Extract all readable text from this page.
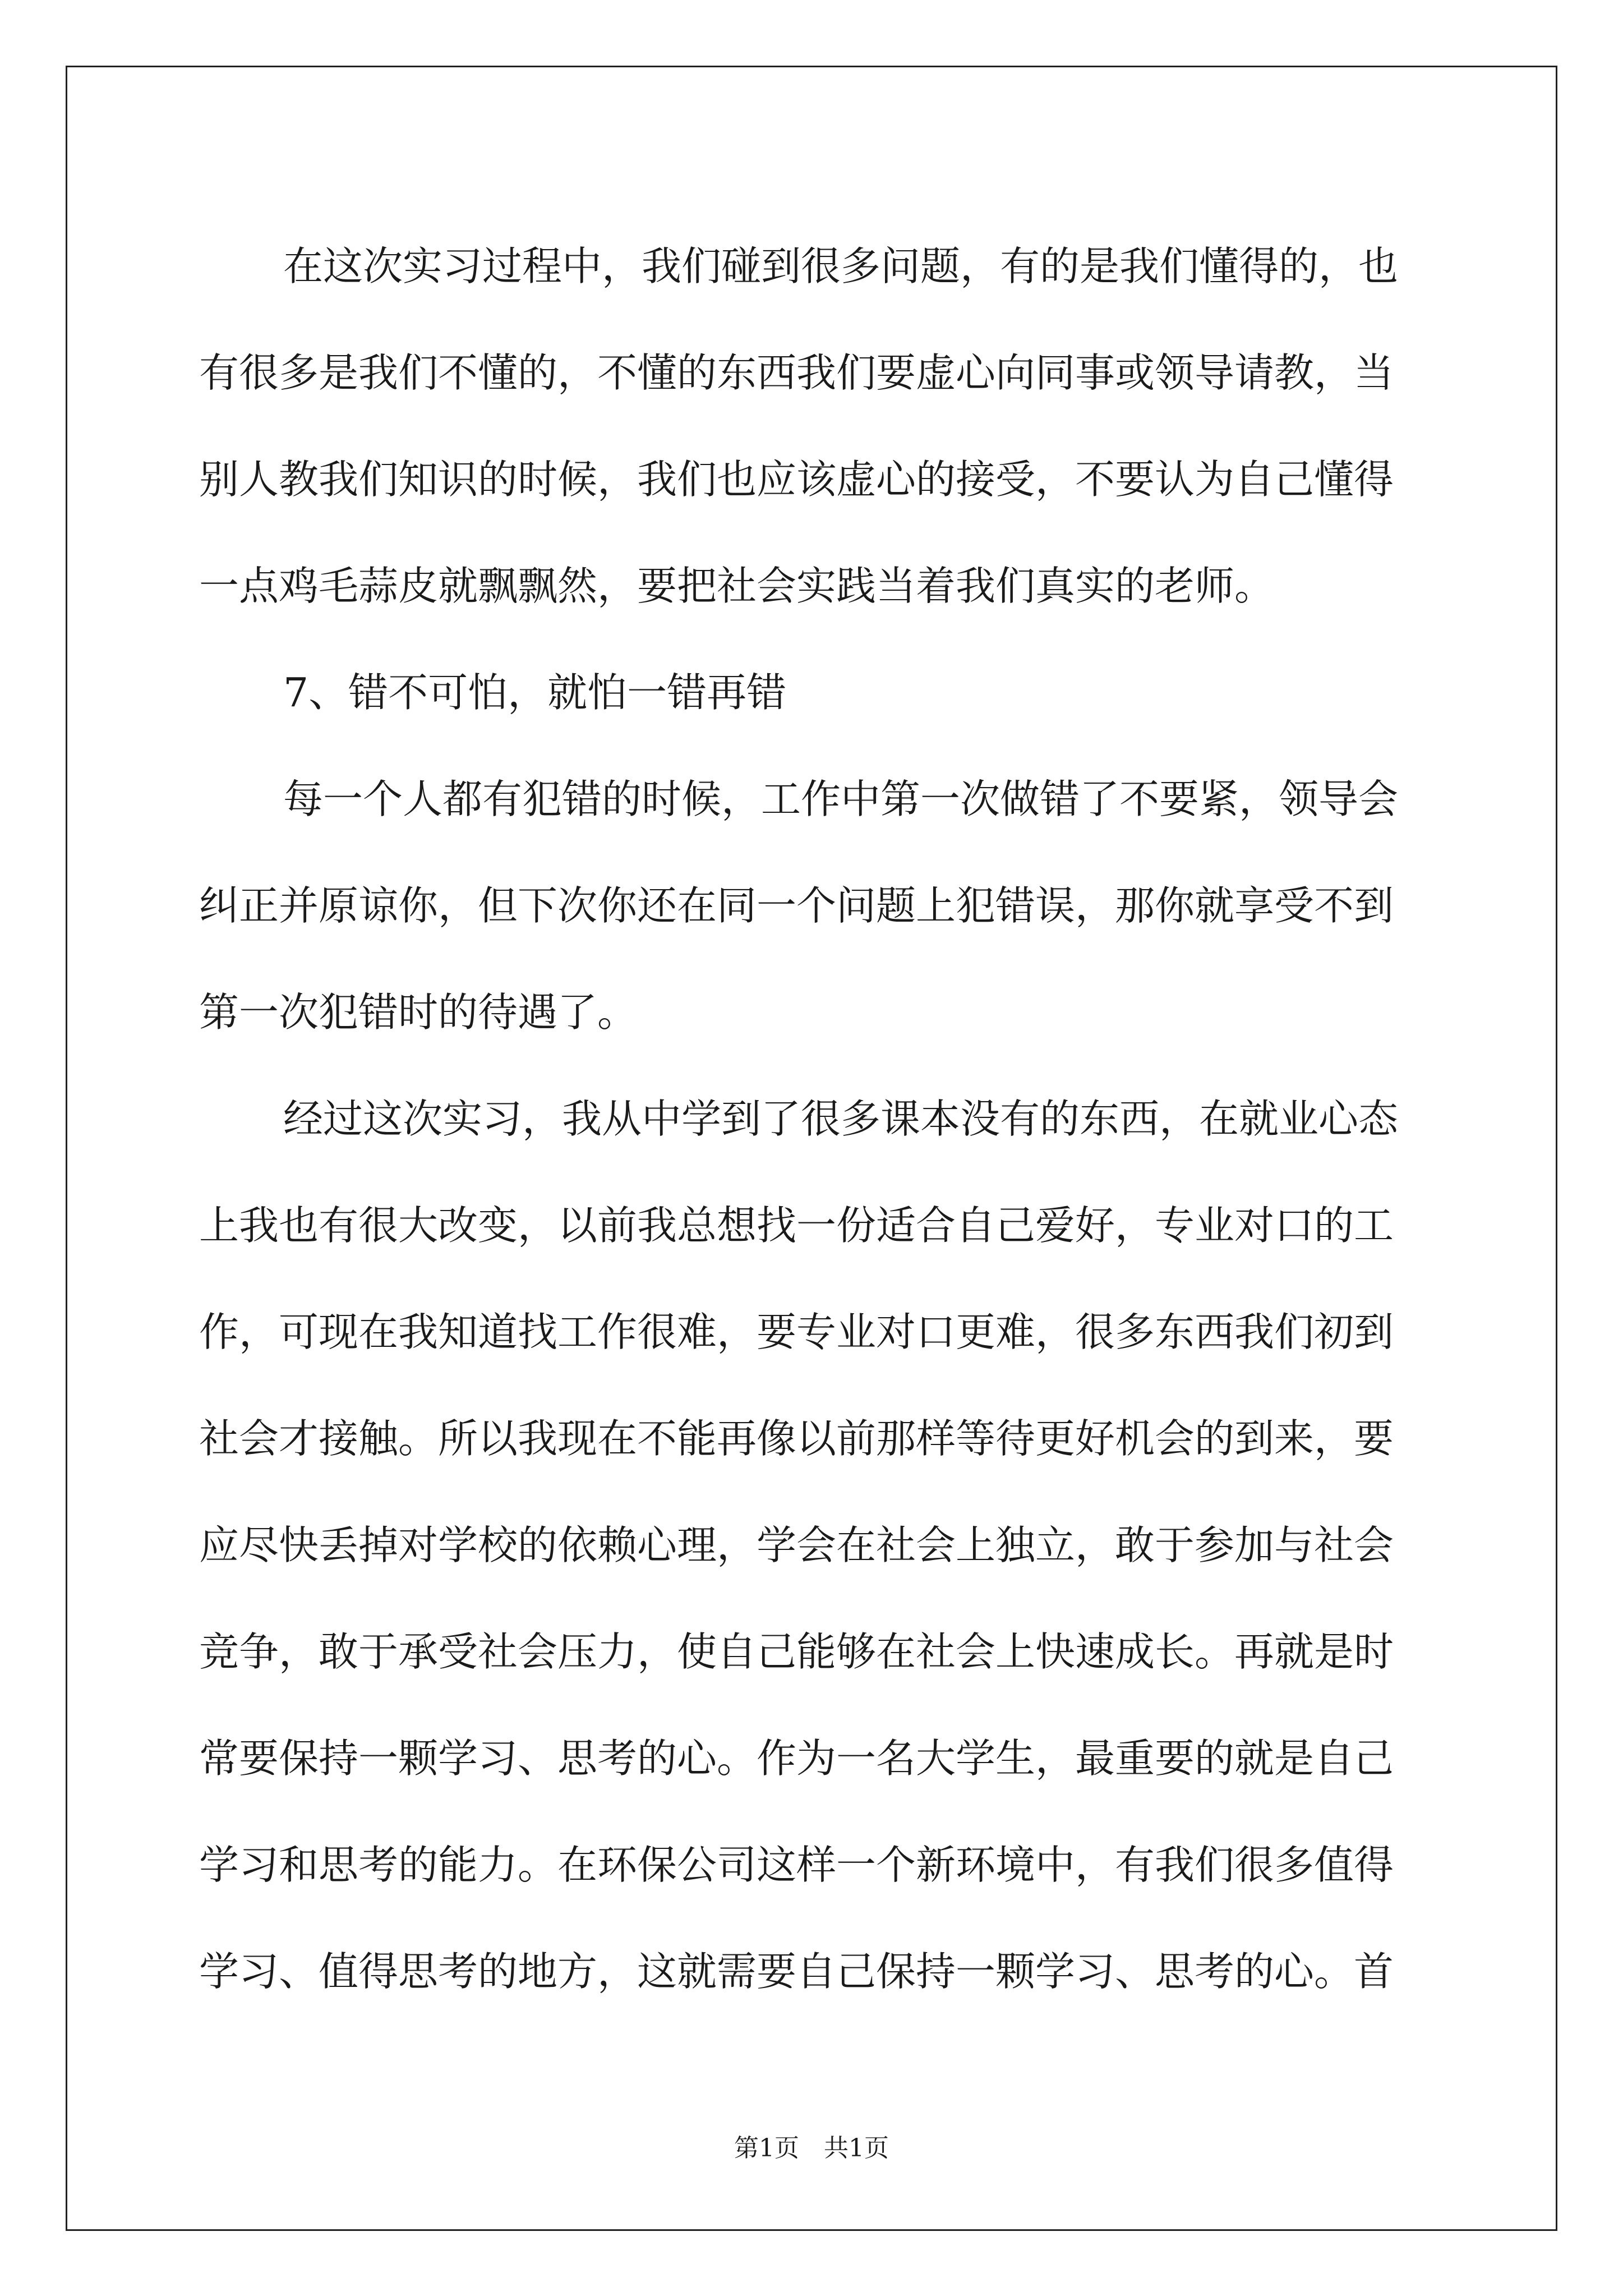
在这次实习过程中，我们碰到很多问题，有的是我们懂得的，也
有很多是我们不懂的，不懂的东西我们要虚心向同事或领导请教，当
别人教我们知识的时候，我们也应该虚心的接受，不要认为自己懂得
一点鸡毛蒜皮就飘飘然，要把社会实践当着我们真实的老师。
7、错不可怕，就怕一错再错
每一个人都有犯错的时候，工作中第一次做错了不要紧，领导会
纠正并原谅你，但下次你还在同一个问题上犯错误，那你就享受不到
第一次犯错时的待遇了。
经过这次实习，我从中学到了很多课本没有的东西，在就业心态
上我也有很大改变，以前我总想找一份适合自己爱好，专业对口的工
作，可现在我知道找工作很难，要专业对口更难，很多东西我们初到
社会才接触。所以我现在不能再像以前那样等待更好机会的到来，要
应尽快丢掉对学校的依赖心理，学会在社会上独立，敢于参加与社会
竞争，敢于承受社会压力，使自己能够在社会上快速成长。再就是时
常要保持一颗学习、思考的心。作为一名大学生，最重要的就是自己
学习和思考的能力。在环保公司这样一个新环境中，有我们很多值得
学习、值得思考的地方，这就需要自己保持一颗学习、思考的心。首
第1页　共1页
